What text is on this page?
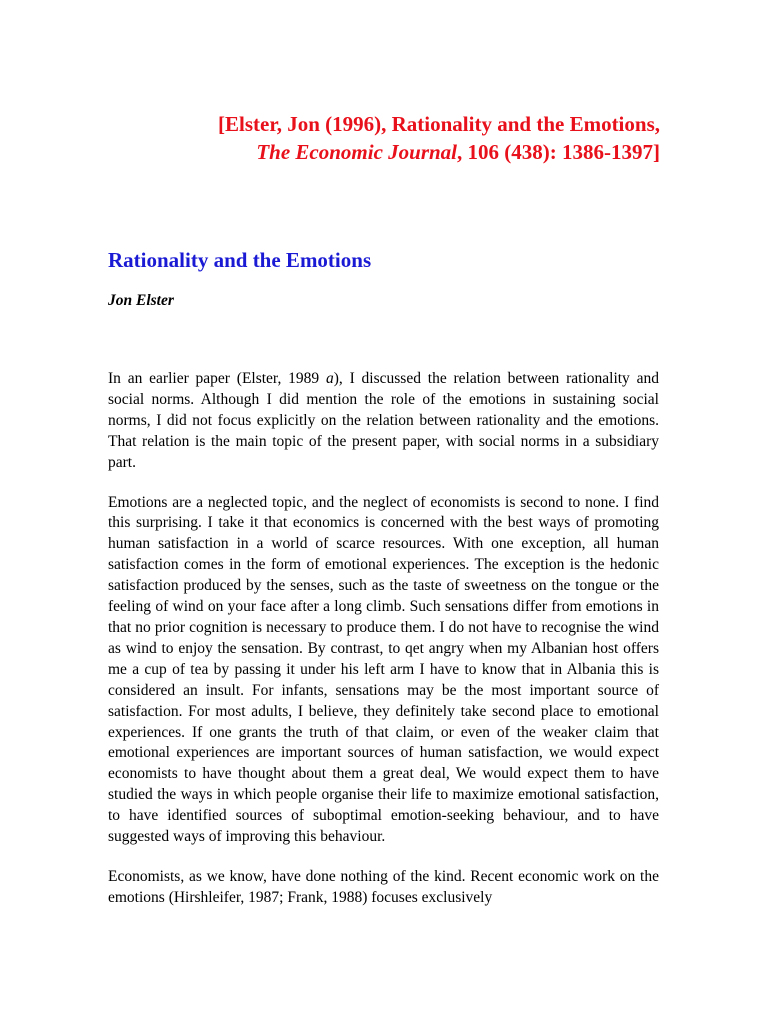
[Elster, Jon (1996), Rationality and the Emotions,
The Economic Journal, 106 (438): 1386-1397]
Rationality and the Emotions

Jon Elster

In an earlier paper (Elster, 1989 a), I discussed the relation between rationality and social norms. Although I did mention the role of the emotions in sustaining social norms, I did not focus explicitly on the relation between rationality and the emotions. That relation is the main topic of the present paper, with social norms in a subsidiary part.

Emotions are a neglected topic, and the neglect of economists is second to none. I find this surprising. I take it that economics is concerned with the best ways of promoting human satisfaction in a world of scarce resources. With one exception, all human satisfaction comes in the form of emotional experiences. The exception is the hedonic satisfaction produced by the senses, such as the taste of sweetness on the tongue or the feeling of wind on your face after a long climb. Such sensations differ from emotions in that no prior cognition is necessary to produce them. I do not have to recognise the wind as wind to enjoy the sensation. By contrast, to qet angry when my Albanian host offers me a cup of tea by passing it under his left arm I have to know that in Albania this is considered an insult. For infants, sensations may be the most important source of satisfaction. For most adults, I believe, they definitely take second place to emotional experiences. If one grants the truth of that claim, or even of the weaker claim that emotional experiences are important sources of human satisfaction, we would expect economists to have thought about them a great deal, We would expect them to have studied the ways in which people organise their life to maximize emotional satisfaction, to have identified sources of suboptimal emotion-seeking behaviour, and to have suggested ways of improving this behaviour.

Economists, as we know, have done nothing of the kind. Recent economic work on the emotions (Hirshleifer, 1987; Frank, 1988) focuses exclusively
